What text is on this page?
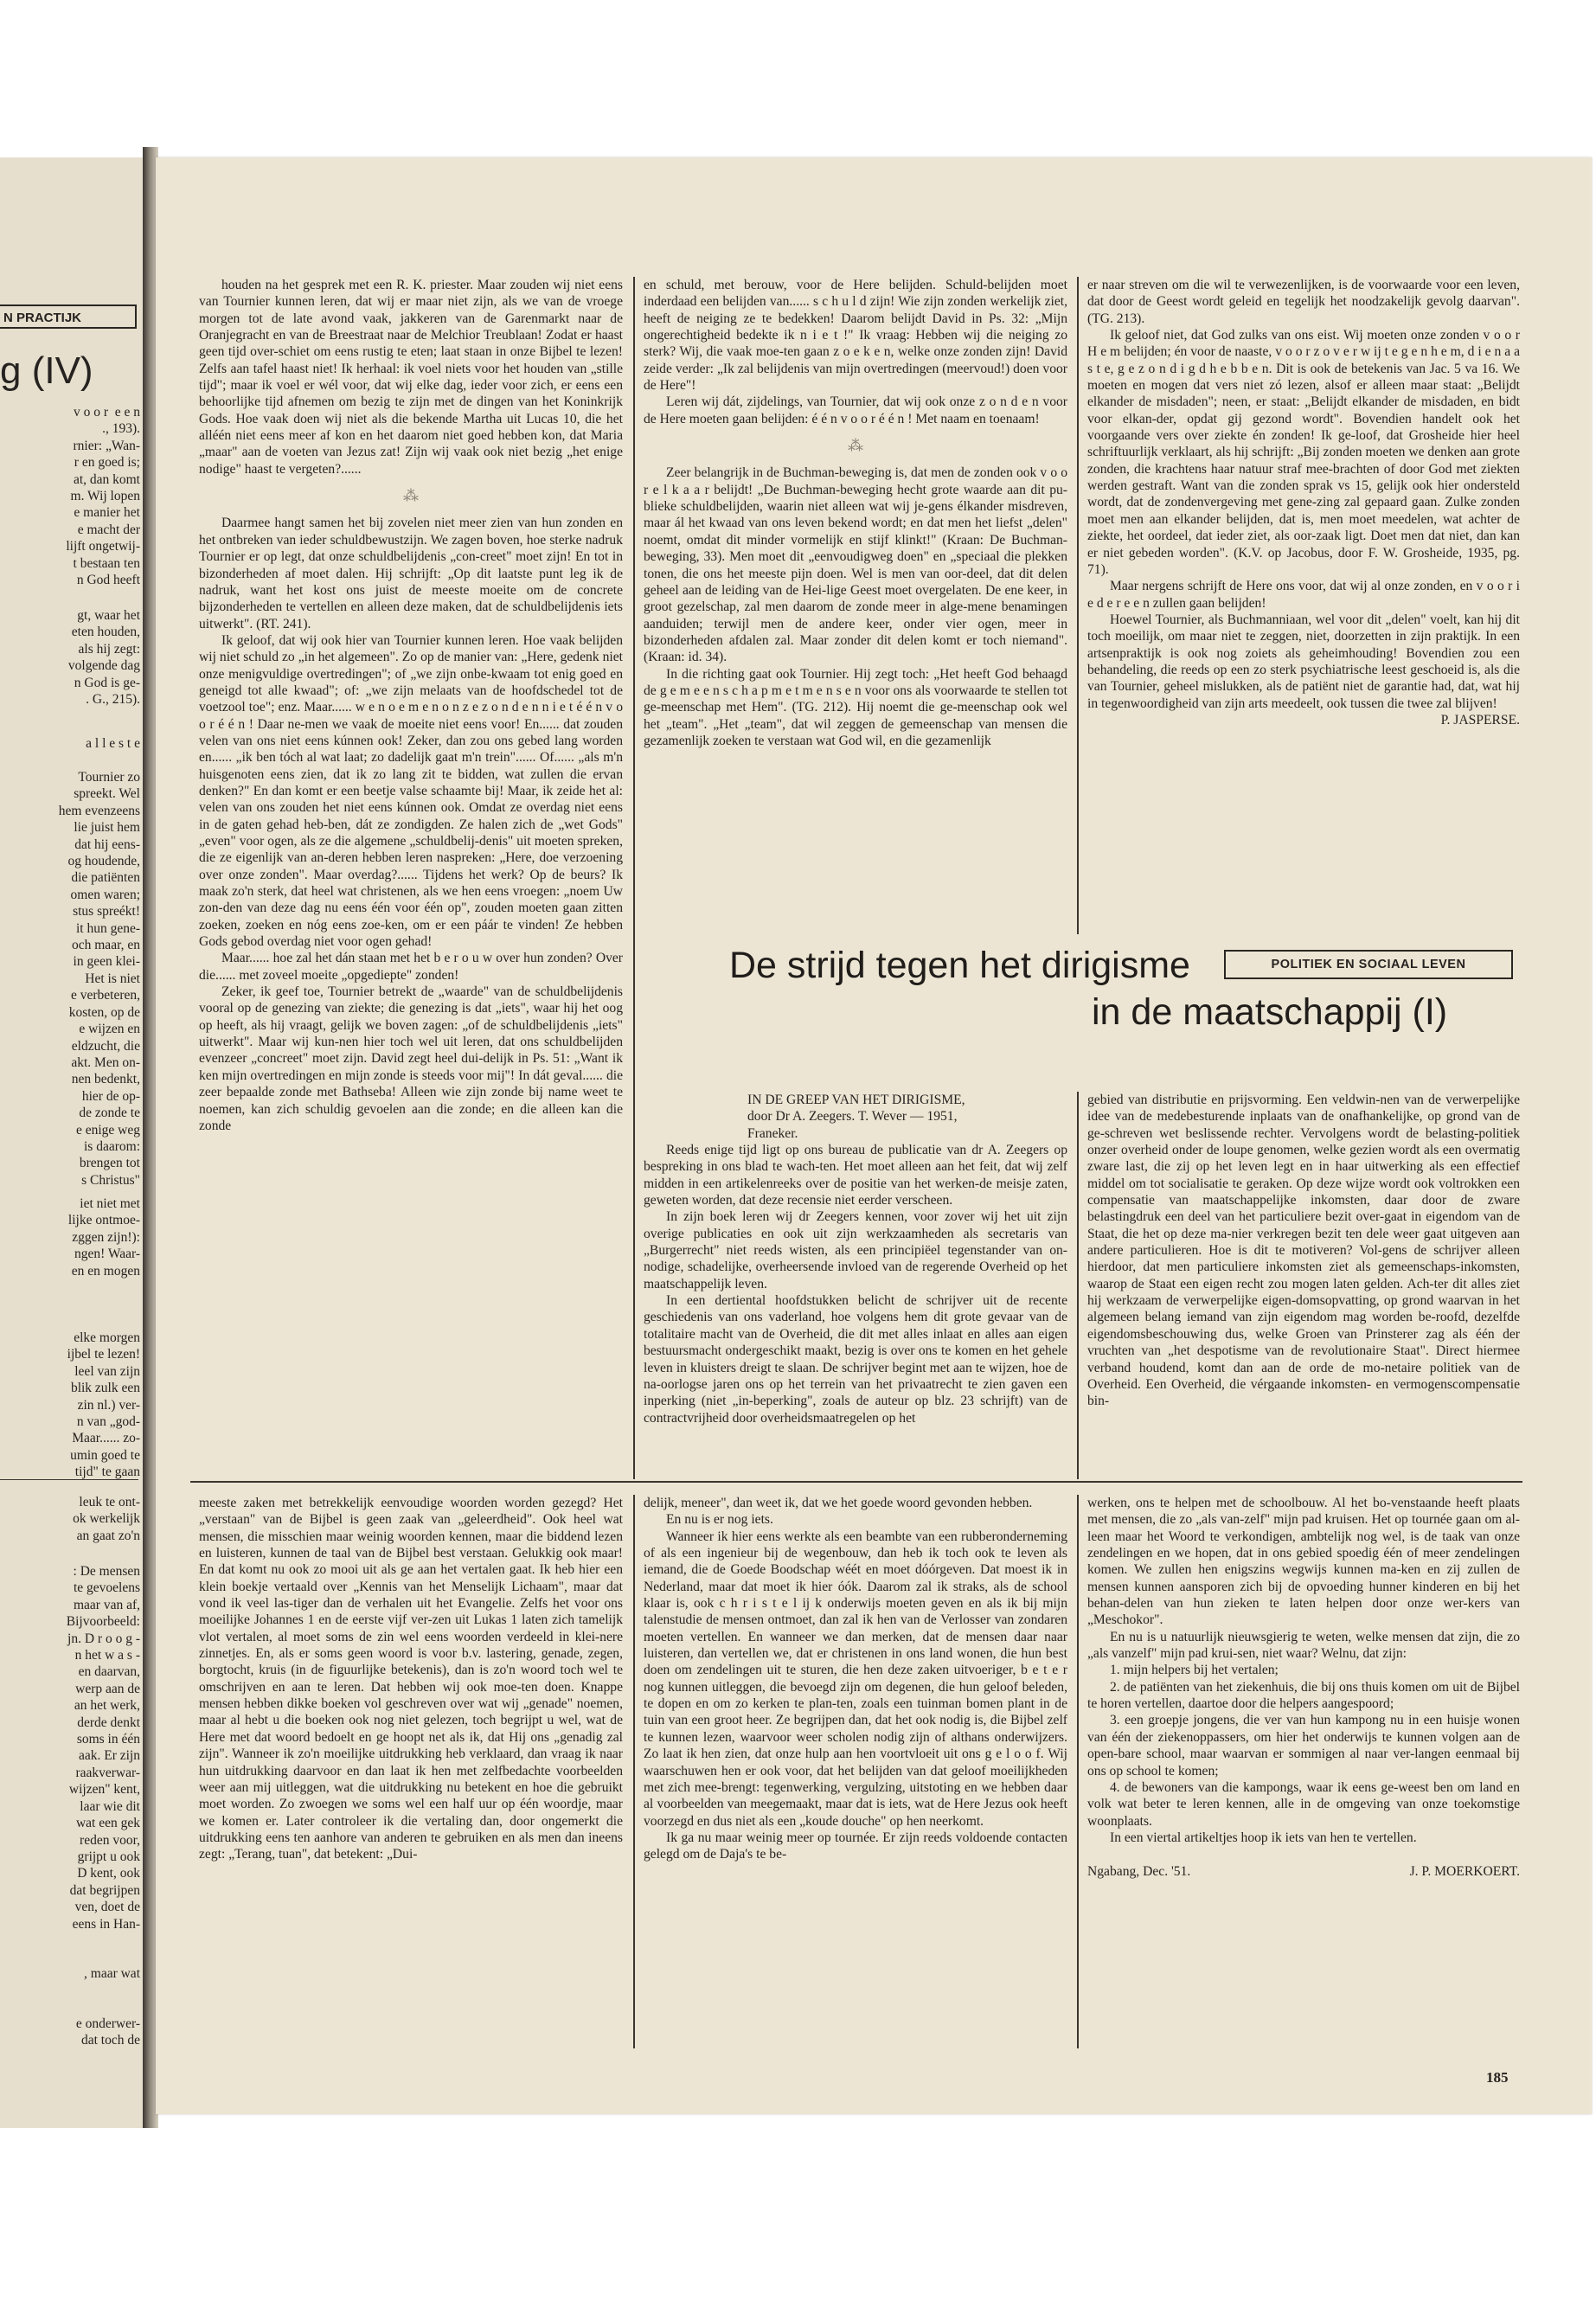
N PRACTIJK
g (IV)
v o o r  e e n
., 193).
rnier: „Wan-
r en goed is;
at, dan komt
m. Wij lopen
e manier het
e macht der
lijft ongetwij-
t bestaan ten
n God heeft
gt, waar het
eten houden,
als hij zegt:
volgende dag
n God is ge-
. G., 215).
a l l e s t e
Tournier zo
spreekt. Wel
hem evenzeens
lie juist hem
dat hij eens-
og houdende,
die patiënten
omen waren;
stus spreékt!
it hun gene-
och maar, en
in geen klei-
Het is niet
e verbeteren,
kosten, op de
e wijzen en
eldzucht, die
akt. Men on-
nen bedenkt,
hier de op-
de zonde te
e enige weg
is daarom:
brengen tot
s Christus"
iet niet met
lijke ontmoe-
zggen zijn!):
ngen! Waar-
en en mogen
elke morgen
ijbel te lezen!
leel van zijn
blik zulk een
zin nl.) ver-
n van „god-
Maar...... zo-
umin goed te
tijd" te gaan
leuk te ont-
ok werkelijk
an gaat zo'n
: De mensen
te gevoelens
maar van af,
Bijvoorbeeld:
jn. D r o o g -
n het w a s -
en daarvan,
werp aan de
an het werk,
derde denkt
soms in één
aak. Er zijn
raakverwar-
wijzen" kent,
laar wie dit
wat een gek
reden voor,
grijpt u ook
D kent, ook
dat begrijpen
ven, doet de
eens in Han-
, maar wat
e onderwer-
dat toch de

houden na het gesprek met een R. K. priester. Maar zouden wij niet eens van Tournier kunnen leren, dat wij er maar niet zijn, als we van de vroege morgen tot de late avond vaak, jakkeren van de Garenmarkt naar de Oranjegracht en van de Breestraat naar de Melchior Treublaan! Zodat er haast geen tijd over-schiet om eens rustig te eten; laat staan in onze Bijbel te lezen! Zelfs aan tafel haast niet! Ik herhaal: ik voel niets voor het houden van „stille tijd"; maar ik voel er wél voor, dat wij elke dag, ieder voor zich, er eens een behoorlijke tijd afnemen om bezig te zijn met de dingen van het Koninkrijk Gods. Hoe vaak doen wij niet als die bekende Martha uit Lucas 10, die het alléén niet eens meer af kon en het daarom niet goed hebben kon, dat Maria „maar" aan de voeten van Jezus zat! Zijn wij vaak ook niet bezig „het enige nodige" haast te vergeten?......

⁂

Daarmee hangt samen het bij zovelen niet meer zien van hun zonden en het ontbreken van ieder schuldbewustzijn. We zagen boven, hoe sterke nadruk Tournier er op legt, dat onze schuldbelijdenis „con-creet" moet zijn! En tot in bizonderheden af moet dalen. Hij schrijft: „Op dit laatste punt leg ik de nadruk, want het kost ons juist de meeste moeite om de concrete bijzonderheden te vertellen en alleen deze maken, dat de schuldbelijdenis iets uitwerkt". (RT. 241).

Ik geloof, dat wij ook hier van Tournier kunnen leren. Hoe vaak belijden wij niet schuld zo „in het algemeen". Zo op de manier van: „Here, gedenk niet onze menigvuldige overtredingen"; of „we zijn onbe-kwaam tot enig goed en geneigd tot alle kwaad"; of: „we zijn melaats van de hoofdschedel tot de voetzool toe"; enz. Maar...... w e n o e m e n o n z e z o n d e n n i e t é é n v o o r é é n ! Daar ne-men we vaak de moeite niet eens voor! En...... dat zouden velen van ons niet eens kúnnen ook! Zeker, dan zou ons gebed lang worden en...... „ik ben tóch al wat laat; zo dadelijk gaat m'n trein"...... Of...... „als m'n huisgenoten eens zien, dat ik zo lang zit te bidden, wat zullen die ervan denken?" En dan komt er een beetje valse schaamte bij! Maar, ik zeide het al: velen van ons zouden het niet eens kúnnen ook. Omdat ze overdag niet eens in de gaten gehad heb-ben, dát ze zondigden. Ze halen zich de „wet Gods" „even" voor ogen, als ze die algemene „schuldbelij-denis" uit moeten spreken, die ze eigenlijk van an-deren hebben leren naspreken: „Here, doe verzoening over onze zonden". Maar overdag?...... Tijdens het werk? Op de beurs? Ik maak zo'n sterk, dat heel wat christenen, als we hen eens vroegen: „noem Uw zon-den van deze dag nu eens één voor één op", zouden moeten gaan zitten zoeken, zoeken en nóg eens zoe-ken, om er een páár te vinden! Ze hebben Gods gebod overdag niet voor ogen gehad!

Maar...... hoe zal het dán staan met het b e r o u w over hun zonden? Over die...... met zoveel moeite „opgediepte" zonden!

Zeker, ik geef toe, Tournier betrekt de „waarde" van de schuldbelijdenis vooral op de genezing van ziekte; die genezing is dat „iets", waar hij het oog op heeft, als hij vraagt, gelijk we boven zagen: „of de schuldbelijdenis „iets" uitwerkt". Maar wij kun-nen hier toch wel uit leren, dat ons schuldbelijden evenzeer „concreet" moet zijn. David zegt heel dui-delijk in Ps. 51: „Want ik ken mijn overtredingen en mijn zonde is steeds voor mij"! In dát geval...... die zeer bepaalde zonde met Bathseba! Alleen wie zijn zonde bij name weet te noemen, kan zich schuldig gevoelen aan die zonde; en die alleen kan die zonde

en schuld, met berouw, voor de Here belijden. Schuld-belijden moet inderdaad een belijden van...... s c h u l d zijn! Wie zijn zonden werkelijk ziet, heeft de neiging ze te bedekken! Daarom belijdt David in Ps. 32: „Mijn ongerechtigheid bedekte ik n i e t !" Ik vraag: Hebben wij die neiging zo sterk? Wij, die vaak moe-ten gaan z o e k e n, welke onze zonden zijn! David zeide verder: „Ik zal belijdenis van mijn overtredingen (meervoud!) doen voor de Here"!

Leren wij dát, zijdelings, van Tournier, dat wij ook onze z o n d e n voor de Here moeten gaan belijden: é é n v o o r é é n ! Met naam en toenaam!

⁂

Zeer belangrijk in de Buchman-beweging is, dat men de zonden ook v o o r e l k a a r belijdt! „De Buchman-beweging hecht grote waarde aan dit pu-blieke schuldbelijden, waarin niet alleen wat wij je-gens élkander misdreven, maar ál het kwaad van ons leven bekend wordt; en dat men het liefst „delen" noemt, omdat dit minder vormelijk en stijf klinkt!" (Kraan: De Buchman-beweging, 33). Men moet dit „eenvoudigweg doen" en „speciaal die plekken tonen, die ons het meeste pijn doen. Wel is men van oor-deel, dat dit delen geheel aan de leiding van de Hei-lige Geest moet overgelaten. De ene keer, in groot gezelschap, zal men daarom de zonde meer in alge-mene benamingen aanduiden; terwijl men de andere keer, onder vier ogen, meer in bizonderheden afdalen zal. Maar zonder dit delen komt er toch niemand". (Kraan: id. 34).

In die richting gaat ook Tournier. Hij zegt toch: „Het heeft God behaagd de g e m e e n s c h a p m e t m e n s e n voor ons als voorwaarde te stellen tot ge-meenschap met Hem". (TG. 212). Hij noemt die ge-meenschap ook wel het „team". „Het „team", dat wil zeggen de gemeenschap van mensen die gezamenlijk zoeken te verstaan wat God wil, en die gezamenlijk

er naar streven om die wil te verwezenlijken, is de voorwaarde voor een leven, dat door de Geest wordt geleid en tegelijk het noodzakelijk gevolg daarvan". (TG. 213).

Ik geloof niet, dat God zulks van ons eist. Wij moeten onze zonden v o o r H e m belijden; én voor de naaste, v o o r z o v e r w ij t e g e n h e m, d i e n a a s t e, g e z o n d i g d h e b b e n. Dit is ook de betekenis van Jac. 5 va 16. We moeten en mogen dat vers niet zó lezen, alsof er alleen maar staat: „Belijdt elkander de misdaden"; neen, er staat: „Belijdt elkander de misdaden, en bidt voor elkan-der, opdat gij gezond wordt". Bovendien handelt ook het voorgaande vers over ziekte én zonden! Ik ge-loof, dat Grosheide hier heel schriftuurlijk verklaart, als hij schrijft: „Bij zonden moeten we denken aan grote zonden, die krachtens haar natuur straf mee-brachten of door God met ziekten werden gestraft. Want van die zonden sprak vs 15, gelijk ook hier ondersteld wordt, dat de zondenvergeving met gene-zing zal gepaard gaan. Zulke zonden moet men aan elkander belijden, dat is, men moet meedelen, wat achter de ziekte, het oordeel, dat ieder ziet, als oor-zaak ligt. Doet men dat niet, dan kan er niet gebeden worden". (K.V. op Jacobus, door F. W. Grosheide, 1935, pg. 71).

Maar nergens schrijft de Here ons voor, dat wij al onze zonden, en v o o r i e d e r e e n zullen gaan belijden!

Hoewel Tournier, als Buchmanniaan, wel voor dit „delen" voelt, kan hij dit toch moeilijk, om maar niet te zeggen, niet, doorzetten in zijn praktijk. In een artsenpraktijk is ook nog zoiets als geheimhouding! Bovendien zou een behandeling, die reeds op een zo sterk psychiatrische leest geschoeid is, als die van Tournier, geheel mislukken, als de patiënt niet de garantie had, dat, wat hij in tegenwoordigheid van zijn arts meedeelt, ook tussen die twee zal blijven!

P. JASPERSE.

De strijd tegen het dirigisme	POLITIEK EN SOCIAAL LEVEN
in de maatschappij (I)

IN DE GREEP VAN HET DIRIGISME,

door Dr A. Zeegers. T. Wever — 1951,

Franeker.

Reeds enige tijd ligt op ons bureau de publicatie van dr A. Zeegers op bespreking in ons blad te wach-ten. Het moet alleen aan het feit, dat wij zelf midden in een artikelenreeks over de positie van het werken-de meisje zaten, geweten worden, dat deze recensie niet eerder verscheen.

In zijn boek leren wij dr Zeegers kennen, voor zover wij het uit zijn overige publicaties en ook uit zijn werkzaamheden als secretaris van „Burgerrecht" niet reeds wisten, als een principiëel tegenstander van on-nodige, schadelijke, overheersende invloed van de regerende Overheid op het maatschappelijk leven.

In een dertiental hoofdstukken belicht de schrijver uit de recente geschiedenis van ons vaderland, hoe volgens hem dit grote gevaar van de totalitaire macht van de Overheid, die dit met alles inlaat en alles aan eigen bestuursmacht ondergeschikt maakt, bezig is over ons te komen en het gehele leven in kluisters dreigt te slaan. De schrijver begint met aan te wijzen, hoe de na-oorlogse jaren ons op het terrein van het privaatrecht te zien gaven een inperking (niet „in-beperking", zoals de auteur op blz. 23 schrijft) van de contractvrijheid door overheidsmaatregelen op het

gebied van distributie en prijsvorming. Een veldwin-nen van de verwerpelijke idee van de medebesturende inplaats van de onafhankelijke, op grond van de ge-schreven wet beslissende rechter. Vervolgens wordt de belasting-politiek onzer overheid onder de loupe genomen, welke gezien wordt als een overmatig zware last, die zij op het leven legt en in haar uitwerking als een effectief middel om tot socialisatie te geraken. Op deze wijze wordt ook voltrokken een compensatie van maatschappelijke inkomsten, daar door de zware belastingdruk een deel van het particuliere bezit over-gaat in eigendom van de Staat, die het op deze ma-nier verkregen bezit ten dele weer gaat uitgeven aan andere particulieren. Hoe is dit te motiveren? Vol-gens de schrijver alleen hierdoor, dat men particuliere inkomsten ziet als gemeenschaps-inkomsten, waarop de Staat een eigen recht zou mogen laten gelden. Ach-ter dit alles ziet hij werkzaam de verwerpelijke eigen-domsopvatting, op grond waarvan in het algemeen belang iemand van zijn eigendom mag worden be-roofd, dezelfde eigendomsbeschouwing dus, welke Groen van Prinsterer zag als één der vruchten van „het despotisme van de revolutionaire Staat". Direct hiermee verband houdend, komt dan aan de orde de mo-netaire politiek van de Overheid. Een Overheid, die vérgaande inkomsten- en vermogenscompensatie bin-

meeste zaken met betrekkelijk eenvoudige woorden worden gezegd? Het „verstaan" van de Bijbel is geen zaak van „geleerdheid". Ook heel wat mensen, die misschien maar weinig woorden kennen, maar die biddend lezen en luisteren, kunnen de taal van de Bijbel best verstaan. Gelukkig ook maar! En dat komt nu ook zo mooi uit als ge aan het vertalen gaat. Ik heb hier een klein boekje vertaald over „Kennis van het Menselijk Lichaam", maar dat vond ik veel las-tiger dan de verhalen uit het Evangelie. Zelfs het voor ons moeilijke Johannes 1 en de eerste vijf ver-zen uit Lukas 1 laten zich tamelijk vlot vertalen, al moet soms de zin wel eens woorden verdeeld in klei-nere zinnetjes. En, als er soms geen woord is voor b.v. lastering, genade, zegen, borgtocht, kruis (in de figuurlijke betekenis), dan is zo'n woord toch wel te omschrijven en aan te leren. Dat hebben wij ook moe-ten doen. Knappe mensen hebben dikke boeken vol geschreven over wat wij „genade" noemen, maar al hebt u die boeken ook nog niet gelezen, toch begrijpt u wel, wat de Here met dat woord bedoelt en ge hoopt net als ik, dat Hij ons „genadig zal zijn". Wanneer ik zo'n moeilijke uitdrukking heb verklaard, dan vraag ik naar hun uitdrukking daarvoor en dan laat ik hen met zelfbedachte voorbeelden weer aan mij uitleggen, wat die uitdrukking nu betekent en hoe die gebruikt moet worden. Zo zwoegen we soms wel een half uur op één woordje, maar we komen er. Later controleer ik die vertaling dan, door ongemerkt die uitdrukking eens ten aanhore van anderen te gebruiken en als men dan ineens zegt: „Terang, tuan", dat betekent: „Dui-

delijk, meneer", dan weet ik, dat we het goede woord gevonden hebben.

En nu is er nog iets.

Wanneer ik hier eens werkte als een beambte van een rubberonderneming of als een ingenieur bij de wegenbouw, dan heb ik toch ook te leven als iemand, die de Goede Boodschap wéét en moet dóórgeven. Dat moest ik in Nederland, maar dat moet ik hier óók. Daarom zal ik straks, als de school klaar is, ook c h r i s t e l ij k onderwijs moeten geven en als ik bij mijn talenstudie de mensen ontmoet, dan zal ik hen van de Verlosser van zondaren moeten vertellen. En wanneer we dan merken, dat de mensen daar naar luisteren, dan vertellen we, dat er christenen in ons land wonen, die hun best doen om zendelingen uit te sturen, die hen deze zaken uitvoeriger, b e t e r nog kunnen uitleggen, die bevoegd zijn om degenen, die hun geloof beleden, te dopen en om zo kerken te plan-ten, zoals een tuinman bomen plant in de tuin van een groot heer. Ze begrijpen dan, dat het ook nodig is, die Bijbel zelf te kunnen lezen, waarvoor weer scholen nodig zijn of althans onderwijzers. Zo laat ik hen zien, dat onze hulp aan hen voortvloeit uit ons g e l o o f. Wij waarschuwen hen er ook voor, dat het belijden van dat geloof moeilijkheden met zich mee-brengt: tegenwerking, vergulzing, uitstoting en we hebben daar al voorbeelden van meegemaakt, maar dat is iets, wat de Here Jezus ook heeft voorzegd en dus niet als een „koude douche" op hen neerkomt.

Ik ga nu maar weinig meer op tournée. Er zijn reeds voldoende contacten gelegd om de Daja's te be-

werken, ons te helpen met de schoolbouw. Al het bo-venstaande heeft plaats met mensen, die zo „als van-zelf" mijn pad kruisen. Het op tournée gaan om al-leen maar het Woord te verkondigen, ambtelijk nog wel, is de taak van onze zendelingen en we hopen, dat in ons gebied spoedig één of meer zendelingen komen. We zullen hen enigszins wegwijs kunnen ma-ken en zij zullen de mensen kunnen aansporen zich bij de opvoeding hunner kinderen en bij het behan-delen van hun zieken te laten helpen door onze wer-kers van „Meschokor".

En nu is u natuurlijk nieuwsgierig te weten, welke mensen dat zijn, die zo „als vanzelf" mijn pad krui-sen, niet waar? Welnu, dat zijn:

1. mijn helpers bij het vertalen;

2. de patiënten van het ziekenhuis, die bij ons thuis komen om uit de Bijbel te horen vertellen, daartoe door die helpers aangespoord;

3. een groepje jongens, die ver van hun kampong nu in een huisje wonen van één der ziekenoppassers, om hier het onderwijs te kunnen volgen aan de open-bare school, maar waarvan er sommigen al naar ver-langen eenmaal bij ons op school te komen;

4. de bewoners van die kampongs, waar ik eens ge-weest ben om land en volk wat beter te leren kennen, alle in de omgeving van onze toekomstige woonplaats.

In een viertal artikeltjes hoop ik iets van hen te vertellen.

Ngabang, Dec. '51.	J. P. MOERKOERT.
185
